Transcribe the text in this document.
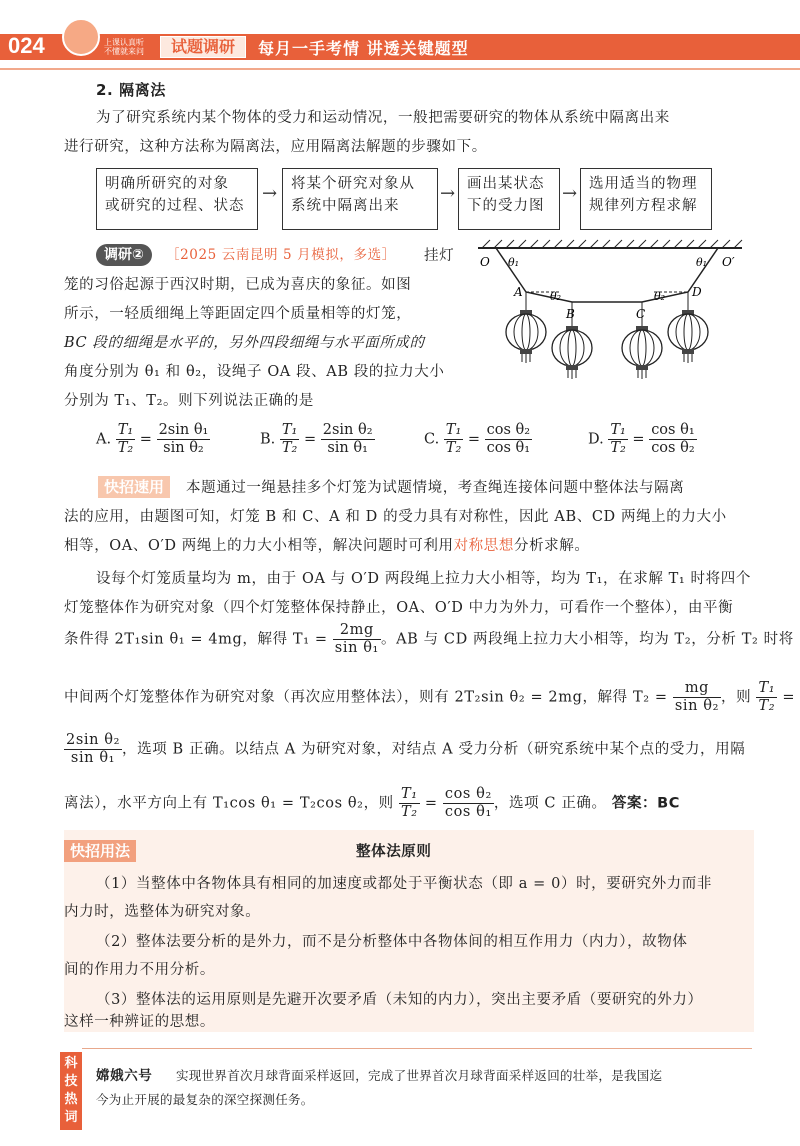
024	上课认真听 不懂就来问	试题调研	每月一手考情 讲透关键题型
2. 隔离法
为了研究系统内某个物体的受力和运动情况，一般把需要研究的物体从系统中隔离出来
进行研究，这种方法称为隔离法，应用隔离法解题的步骤如下。
明确所研究的对象
或研究的过程、状态
→ 将某个研究对象从
系统中隔离出来
→ 画出某状态
下的受力图
→ 选用适当的物理
规律列方程求解
调研②	［2025 云南昆明 5 月模拟，多选］ 挂灯
笼的习俗起源于西汉时期，已成为喜庆的象征。如图
所示，一轻质细绳上等距固定四个质量相等的灯笼，
BC 段的细绳是水平的，另外四段细绳与水平面所成的
角度分别为 θ₁ 和 θ₂，设绳子 OA 段、AB 段的拉力大小
分别为 T₁、T₂。则下列说法正确的是
O θ₁	θ₁ O′
θ₂	θ₂
A
B	C
D
A. $\frac{\text{T₁}}{\text{T₂}} = \frac{\text{2sin θ₁}}{\text{sin θ₂}}$	B. $\frac{\text{T₁}}{\text{T₂}} = \frac{\text{2sin θ₂}}{\text{sin θ₁}}$	C. $\frac{\text{T₁}}{\text{T₂}} = \frac{\text{cos θ₂}}{\text{cos θ₁}}$	D. $\frac{\text{T₁}}{\text{T₂}} = \frac{\text{cos θ₁}}{\text{cos θ₂}}$
快招速用	本题通过一绳悬挂多个灯笼为试题情境，考查绳连接体问题中整体法与隔离
法的应用，由题图可知，灯笼 B 和 C、A 和 D 的受力具有对称性，因此 AB、CD 两绳上的力大小
相等，OA、O′D 两绳上的力大小相等，解决问题时可利用对称思想分析求解。
设每个灯笼质量均为 m，由于 OA 与 O′D 两段绳上拉力大小相等，均为 T₁，在求解 T₁ 时将四个
灯笼整体作为研究对象（四个灯笼整体保持静止，OA、O′D 中力为外力，可看作一个整体），由平衡
条件得 2T₁sin θ₁ = 4mg，解得 $T_1 = \frac{2mg}{\text{sin θ₁}}$ 。AB 与 CD 两段绳上拉力大小相等，均为 T₂，分析 T₂ 时将
中间两个灯笼整体作为研究对象（再次应用整体法），则有 2T₂sin θ₂ = 2mg，解得 $T_2 = \frac{mg}{\text{sin θ₂}}$ ，则 $\frac{\text{T₁}}{\text{T₂}}$ =
$\frac{\text{2sin θ₂}}{\text{sin θ₁}}$ ，选项 B 正确。以结点 A 为研究对象，对结点 A 受力分析（研究系统中某个点的受力，用隔
离法），水平方向上有 T₁cos θ₁ = T₂cos θ₂，则 $\frac{\text{T₁}}{\text{T₂}} = \frac{\text{cos θ₂}}{\text{cos θ₁}}$ ，选项 C 正确。 答案：BC
快招用法	整体法原则
（1）当整体中各物体具有相同的加速度或都处于平衡状态（即 a = 0）时，要研究外力而非
内力时，选整体为研究对象。
（2）整体法要分析的是外力，而不是分析整体中各物体间的相互作用力（内力），故物体
间的作用力不用分析。
（3）整体法的运用原则是先避开次要矛盾（未知的内力），突出主要矛盾（要研究的外力）
这样一种辨证的思想。
科技热词
嫦娥六号 实现世界首次月球背面采样返回，完成了世界首次月球背面采样返回的壮举，是我国迄
今为止开展的最复杂的深空探测任务。
